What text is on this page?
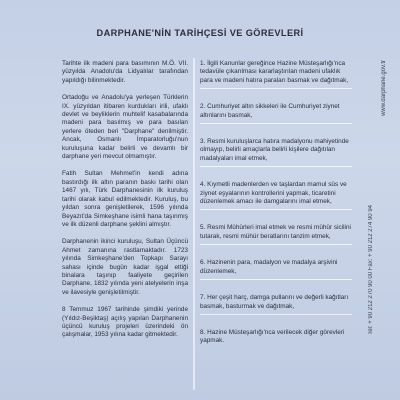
DARPHANE'NİN TARİHÇESİ VE GÖREVLERİ

Tarihte ilk madeni para basımının M.Ö. VII. yüzyılda Anadolu'da Lidyalılar tarafından yapıldığı bilinmektedir.

Ortadoğu ve Anadolu'ya yerleşen Türklerin IX. yüzyıldan itibaren kurdukları irili, ufaklı devlet ve beyliklerin muhtelif kasabalarında madeni para basılmış ve para basılan yerlere öteden beri "Darphane" denilmiştir. Ancak, Osmanlı İmparatorluğu'nun kuruluşuna kadar belirli ve devamlı bir darphane yeri mevcut olmamıştır.

Fatih Sultan Mehmet'in kendi adına bastırdığı ilk altın paranın baskı tarihi olan 1467 yılı, Türk Darphanesinin ilk kuruluş tarihi olarak kabul edilmektedir. Kuruluş, bu yıldan sonra genişletilerek, 1596 yılında Beyazıt'da Simkeşhane isimli hana taşınmış ve ilk düzenli darphane şeklini almıştır.

Darphanenin ikinci kuruluşu, Sultan Üçüncü Ahmet zamanına rastlamaktadır. 1723 yılında Simkeşhane'den Topkapı Sarayı sahası içinde bugün kadar işgal ettiği binalara taşınıp faaliyete geçirilen Darphane, 1832 yılında yeni atelyelerin inşa ve ilavesiyle genişletilmiştir.

8 Temmuz 1967 tarihinde şimdiki yerinde (Yıldız-Beşiktaş) açılış yapılan Darphanenin üçüncü kuruluş projeleri üzerindeki ön çalışmalar, 1953 yılına kadar gitmektedir.

1. İlgili Kanunlar gereğince Hazine Müsteşarlığı'nca tedavüle çıkarılması kararlaştırılan madeni ufaklık para ve madeni hatıra paraları basmak ve dağıtmak,
2. Cumhuriyet altın sikkeleri ile Cumhuriyet ziynet altınlarını basmak,
3. Resmi kuruluşlarca hatıra madalyonu mahiyetinde olmayıp, belirli amaçlarla belirli kişilere dağıtılan madalyaları imal etmek,
4. Kıymetli madenlerden ve taşlardan mamul süs ve ziynet eşyalarının kontrollerini yapmak, ticaretini düzenlemek amacı ile damgalarını imal etmek,
5. Resmi Mühürleri imal etmek ve resmi mühür sicilini tutarak, resmi mühür beratlarını tanzim etmek,
6. Hazinenin para, madalyon ve madalya arşivini düzenlemek,
7. Her çeşit harç, damga pullarını ve değerli kağıtları basmak, basturmak ve dağıtmak,
8. Hazine Müsteşarlığı'nca verilecek diğer görevleri yapmak.
Tel: + 90 212 270 90 00 Fax: + 90 212 274 90 94
www.darphane.gov.tr
